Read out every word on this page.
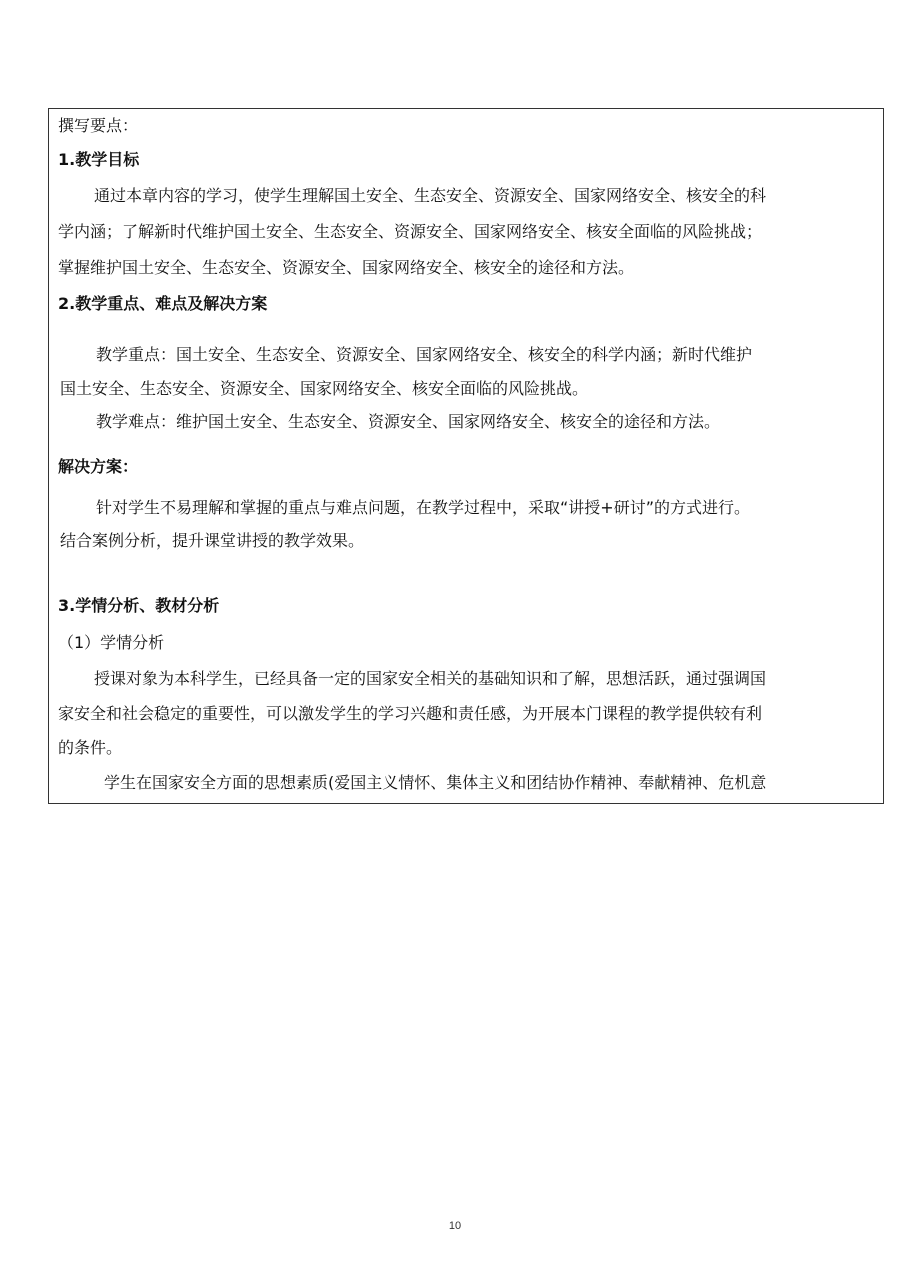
撰写要点：
1.教学目标
通过本章内容的学习，使学生理解国土安全、生态安全、资源安全、国家网络安全、核安全的科
学内涵；了解新时代维护国土安全、生态安全、资源安全、国家网络安全、核安全面临的风险挑战；
掌握维护国土安全、生态安全、资源安全、国家网络安全、核安全的途径和方法。
2.教学重点、难点及解决方案
教学重点：国土安全、生态安全、资源安全、国家网络安全、核安全的科学内涵；新时代维护
国土安全、生态安全、资源安全、国家网络安全、核安全面临的风险挑战。
教学难点：维护国土安全、生态安全、资源安全、国家网络安全、核安全的途径和方法。
解决方案：
针对学生不易理解和掌握的重点与难点问题，在教学过程中，采取“讲授+研讨”的方式进行。
结合案例分析，提升课堂讲授的教学效果。
3.学情分析、教材分析
（1）学情分析
授课对象为本科学生，已经具备一定的国家安全相关的基础知识和了解，思想活跃，通过强调国
家安全和社会稳定的重要性，可以激发学生的学习兴趣和责任感，为开展本门课程的教学提供较有利
的条件。
学生在国家安全方面的思想素质(爱国主义情怀、集体主义和团结协作精神、奉献精神、危机意
10
